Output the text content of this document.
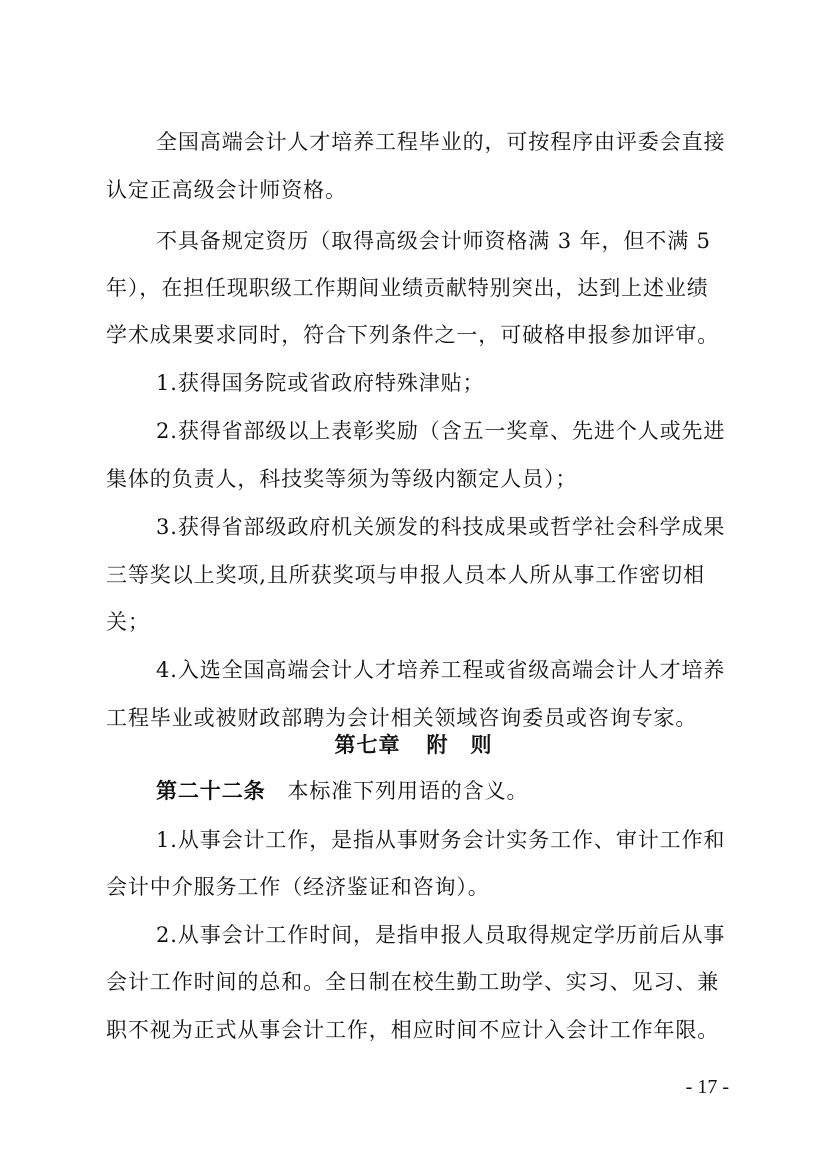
全国高端会计人才培养工程毕业的，可按程序由评委会直接
认定正高级会计师资格。
不具备规定资历（取得高级会计师资格满 3 年，但不满 5
年），在担任现职级工作期间业绩贡献特别突出，达到上述业绩
学术成果要求同时，符合下列条件之一，可破格申报参加评审。
1.获得国务院或省政府特殊津贴；
2.获得省部级以上表彰奖励（含五一奖章、先进个人或先进
集体的负责人，科技奖等须为等级内额定人员）；
3.获得省部级政府机关颁发的科技成果或哲学社会科学成果
三等奖以上奖项,且所获奖项与申报人员本人所从事工作密切相
关；
4.入选全国高端会计人才培养工程或省级高端会计人才培养
工程毕业或被财政部聘为会计相关领域咨询委员或咨询专家。
第七章 附　则
第二十二条 本标准下列用语的含义。
1.从事会计工作，是指从事财务会计实务工作、审计工作和
会计中介服务工作（经济鉴证和咨询）。
2.从事会计工作时间，是指申报人员取得规定学历前后从事
会计工作时间的总和。全日制在校生勤工助学、实习、见习、兼
职不视为正式从事会计工作，相应时间不应计入会计工作年限。
- 17 -
